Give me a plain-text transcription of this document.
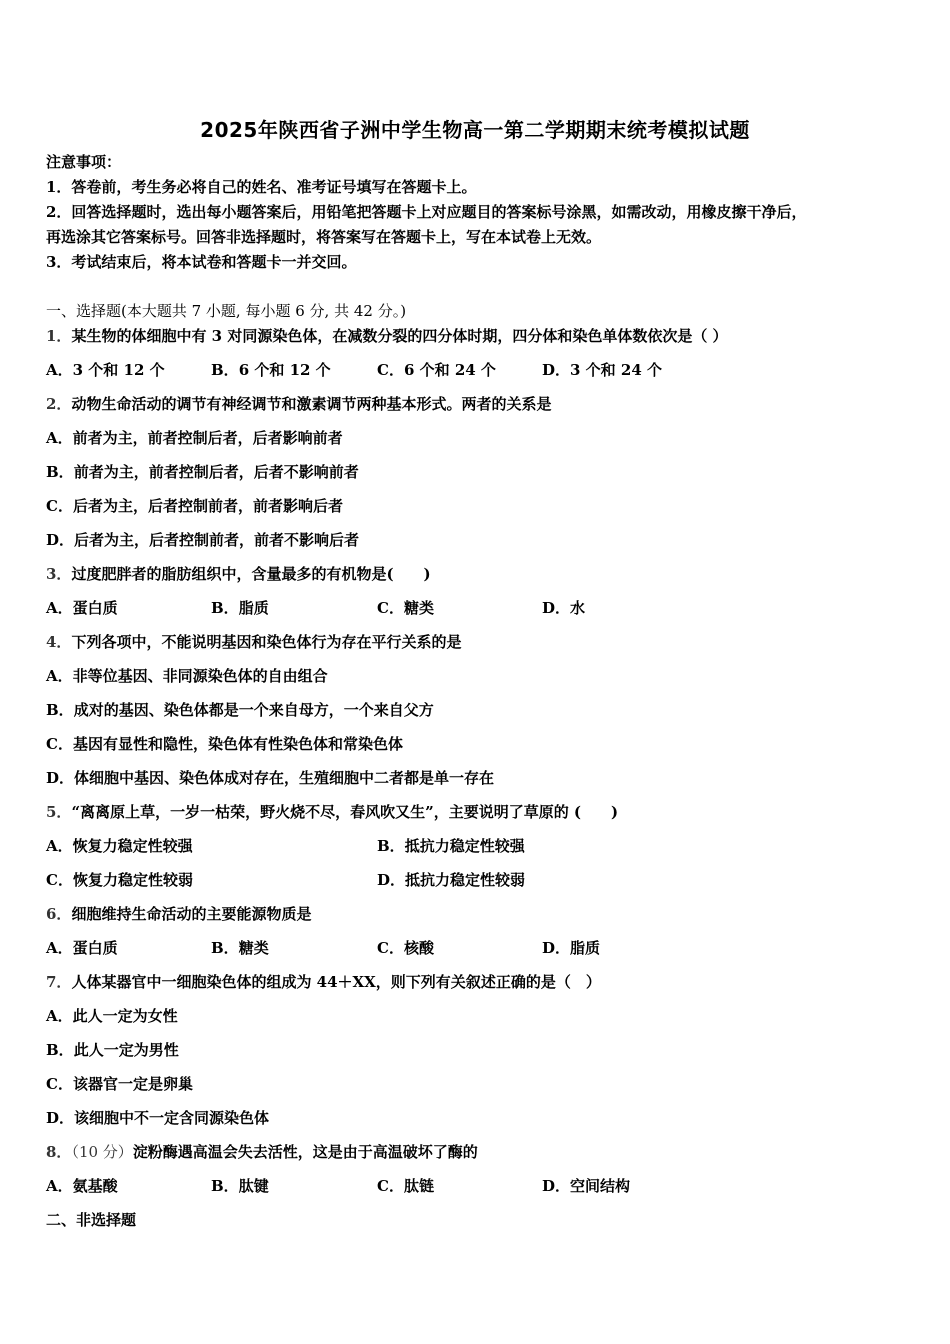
2025年陕西省子洲中学生物高一第二学期期末统考模拟试题
注意事项：
1．答卷前，考生务必将自己的姓名、准考证号填写在答题卡上。
2．回答选择题时，选出每小题答案后，用铅笔把答题卡上对应题目的答案标号涂黑，如需改动，用橡皮擦干净后，
再选涂其它答案标号。回答非选择题时，将答案写在答题卡上，写在本试卷上无效。
3．考试结束后，将本试卷和答题卡一并交回。
一、选择题(本大题共 7 小题, 每小题 6 分, 共 42 分。)
1．某生物的体细胞中有 3 对同源染色体，在减数分裂的四分体时期，四分体和染色单体数依次是（ ）
A．3 个和 12 个	B．6 个和 12 个	C．6 个和 24 个	D．3 个和 24 个
2．动物生命活动的调节有神经调节和激素调节两种基本形式。两者的关系是
A．前者为主，前者控制后者，后者影响前者
B．前者为主，前者控制后者，后者不影响前者
C．后者为主，后者控制前者，前者影响后者
D．后者为主，后者控制前者，前者不影响后者
3．过度肥胖者的脂肪组织中，含量最多的有机物是(　　)
A．蛋白质	B．脂质	C．糖类	D．水
4．下列各项中，不能说明基因和染色体行为存在平行关系的是
A．非等位基因、非同源染色体的自由组合
B．成对的基因、染色体都是一个来自母方，一个来自父方
C．基因有显性和隐性，染色体有性染色体和常染色体
D．体细胞中基因、染色体成对存在，生殖细胞中二者都是单一存在
5．“离离原上草，一岁一枯荣，野火烧不尽，春风吹又生”，主要说明了草原的 (　　)
A．恢复力稳定性较强	B．抵抗力稳定性较强
C．恢复力稳定性较弱	D．抵抗力稳定性较弱
6．细胞维持生命活动的主要能源物质是
A．蛋白质	B．糖类	C．核酸	D．脂质
7．人体某器官中一细胞染色体的组成为 44＋XX，则下列有关叙述正确的是（　）
A．此人一定为女性
B．此人一定为男性
C．该器官一定是卵巢
D．该细胞中不一定含同源染色体
8．（10 分）淀粉酶遇高温会失去活性，这是由于高温破坏了酶的
A．氨基酸	B．肽键	C．肽链	D．空间结构
二、非选择题
